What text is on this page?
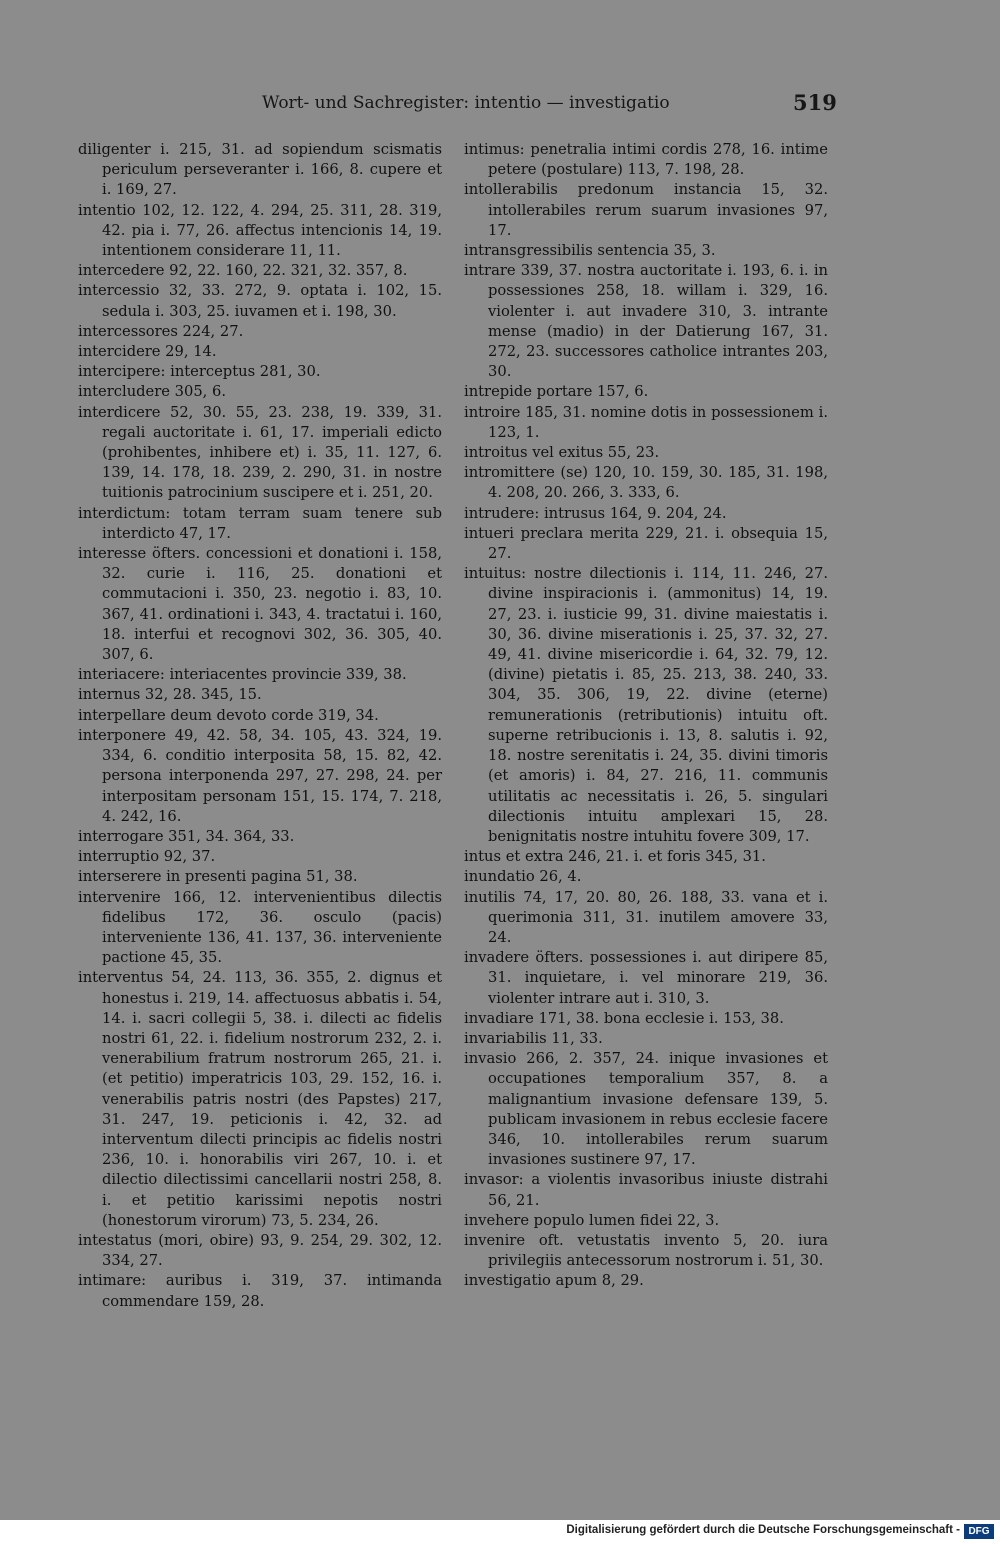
Wort- und Sachregister: intentio — investigatio	519

diligenter i. 215, 31. ad sopiendum scismatis periculum perseveranter i. 166, 8. cupere et i. 169, 27.

intentio 102, 12. 122, 4. 294, 25. 311, 28. 319, 42. pia i. 77, 26. affectus intencionis 14, 19. intentionem considerare 11, 11.

intercedere 92, 22. 160, 22. 321, 32. 357, 8.

intercessio 32, 33. 272, 9. optata i. 102, 15. sedula i. 303, 25. iuvamen et i. 198, 30.

intercessores 224, 27.

intercidere 29, 14.

intercipere: interceptus 281, 30.

intercludere 305, 6.

interdicere 52, 30. 55, 23. 238, 19. 339, 31. regali auctoritate i. 61, 17. imperiali edicto (prohibentes, inhibere et) i. 35, 11. 127, 6. 139, 14. 178, 18. 239, 2. 290, 31. in nostre tuitionis patrocinium suscipere et i. 251, 20.

interdictum: totam terram suam tenere sub interdicto 47, 17.

interesse öfters. concessioni et donationi i. 158, 32. curie i. 116, 25. donationi et commutacioni i. 350, 23. negotio i. 83, 10. 367, 41. ordinationi i. 343, 4. tractatui i. 160, 18. interfui et recognovi 302, 36. 305, 40. 307, 6.

interiacere: interiacentes provincie 339, 38.

internus 32, 28. 345, 15.

interpellare deum devoto corde 319, 34.

interponere 49, 42. 58, 34. 105, 43. 324, 19. 334, 6. conditio interposita 58, 15. 82, 42. persona interponenda 297, 27. 298, 24. per interpositam personam 151, 15. 174, 7. 218, 4. 242, 16.

interrogare 351, 34. 364, 33.

interruptio 92, 37.

interserere in presenti pagina 51, 38.

intervenire 166, 12. intervenientibus dilectis fidelibus 172, 36. osculo (pacis) interveniente 136, 41. 137, 36. interveniente pactione 45, 35.

interventus 54, 24. 113, 36. 355, 2. dignus et honestus i. 219, 14. affectuosus abbatis i. 54, 14. i. sacri collegii 5, 38. i. dilecti ac fidelis nostri 61, 22. i. fidelium nostrorum 232, 2. i. venerabilium fratrum nostrorum 265, 21. i. (et petitio) imperatricis 103, 29. 152, 16. i. venerabilis patris nostri (des Papstes) 217, 31. 247, 19. peticionis i. 42, 32. ad interventum dilecti principis ac fidelis nostri 236, 10. i. honorabilis viri 267, 10. i. et dilectio dilectissimi cancellarii nostri 258, 8. i. et petitio karissimi nepotis nostri (honestorum virorum) 73, 5. 234, 26.

intestatus (mori, obire) 93, 9. 254, 29. 302, 12. 334, 27.

intimare: auribus i. 319, 37. intimanda commendare 159, 28.

intimus: penetralia intimi cordis 278, 16. intime petere (postulare) 113, 7. 198, 28.

intollerabilis predonum instancia 15, 32. intollerabiles rerum suarum invasiones 97, 17.

intransgressibilis sentencia 35, 3.

intrare 339, 37. nostra auctoritate i. 193, 6. i. in possessiones 258, 18. willam i. 329, 16. violenter i. aut invadere 310, 3. intrante mense (madio) in der Datierung 167, 31. 272, 23. successores catholice intrantes 203, 30.

intrepide portare 157, 6.

introire 185, 31. nomine dotis in possessionem i. 123, 1.

introitus vel exitus 55, 23.

intromittere (se) 120, 10. 159, 30. 185, 31. 198, 4. 208, 20. 266, 3. 333, 6.

intrudere: intrusus 164, 9. 204, 24.

intueri preclara merita 229, 21. i. obsequia 15, 27.

intuitus: nostre dilectionis i. 114, 11. 246, 27. divine inspiracionis i. (ammonitus) 14, 19. 27, 23. i. iusticie 99, 31. divine maiestatis i. 30, 36. divine miserationis i. 25, 37. 32, 27. 49, 41. divine misericordie i. 64, 32. 79, 12. (divine) pietatis i. 85, 25. 213, 38. 240, 33. 304, 35. 306, 19, 22. divine (eterne) remunerationis (retributionis) intuitu oft. superne retribucionis i. 13, 8. salutis i. 92, 18. nostre serenitatis i. 24, 35. divini timoris (et amoris) i. 84, 27. 216, 11. communis utilitatis ac necessitatis i. 26, 5. singulari dilectionis intuitu amplexari 15, 28. benignitatis nostre intuhitu fovere 309, 17.

intus et extra 246, 21. i. et foris 345, 31.

inundatio 26, 4.

inutilis 74, 17, 20. 80, 26. 188, 33. vana et i. querimonia 311, 31. inutilem amovere 33, 24.

invadere öfters. possessiones i. aut diripere 85, 31. inquietare, i. vel minorare 219, 36. violenter intrare aut i. 310, 3.

invadiare 171, 38. bona ecclesie i. 153, 38.

invariabilis 11, 33.

invasio 266, 2. 357, 24. inique invasiones et occupationes temporalium 357, 8. a malignantium invasione defensare 139, 5. publicam invasionem in rebus ecclesie facere 346, 10. intollerabiles rerum suarum invasiones sustinere 97, 17.

invasor: a violentis invasoribus iniuste distrahi 56, 21.

invehere populo lumen fidei 22, 3.

invenire oft. vetustatis invento 5, 20. iura privilegiis antecessorum nostrorum i. 51, 30.

investigatio apum 8, 29.

Digitalisierung gefördert durch die Deutsche Forschungsgemeinschaft - DFG
